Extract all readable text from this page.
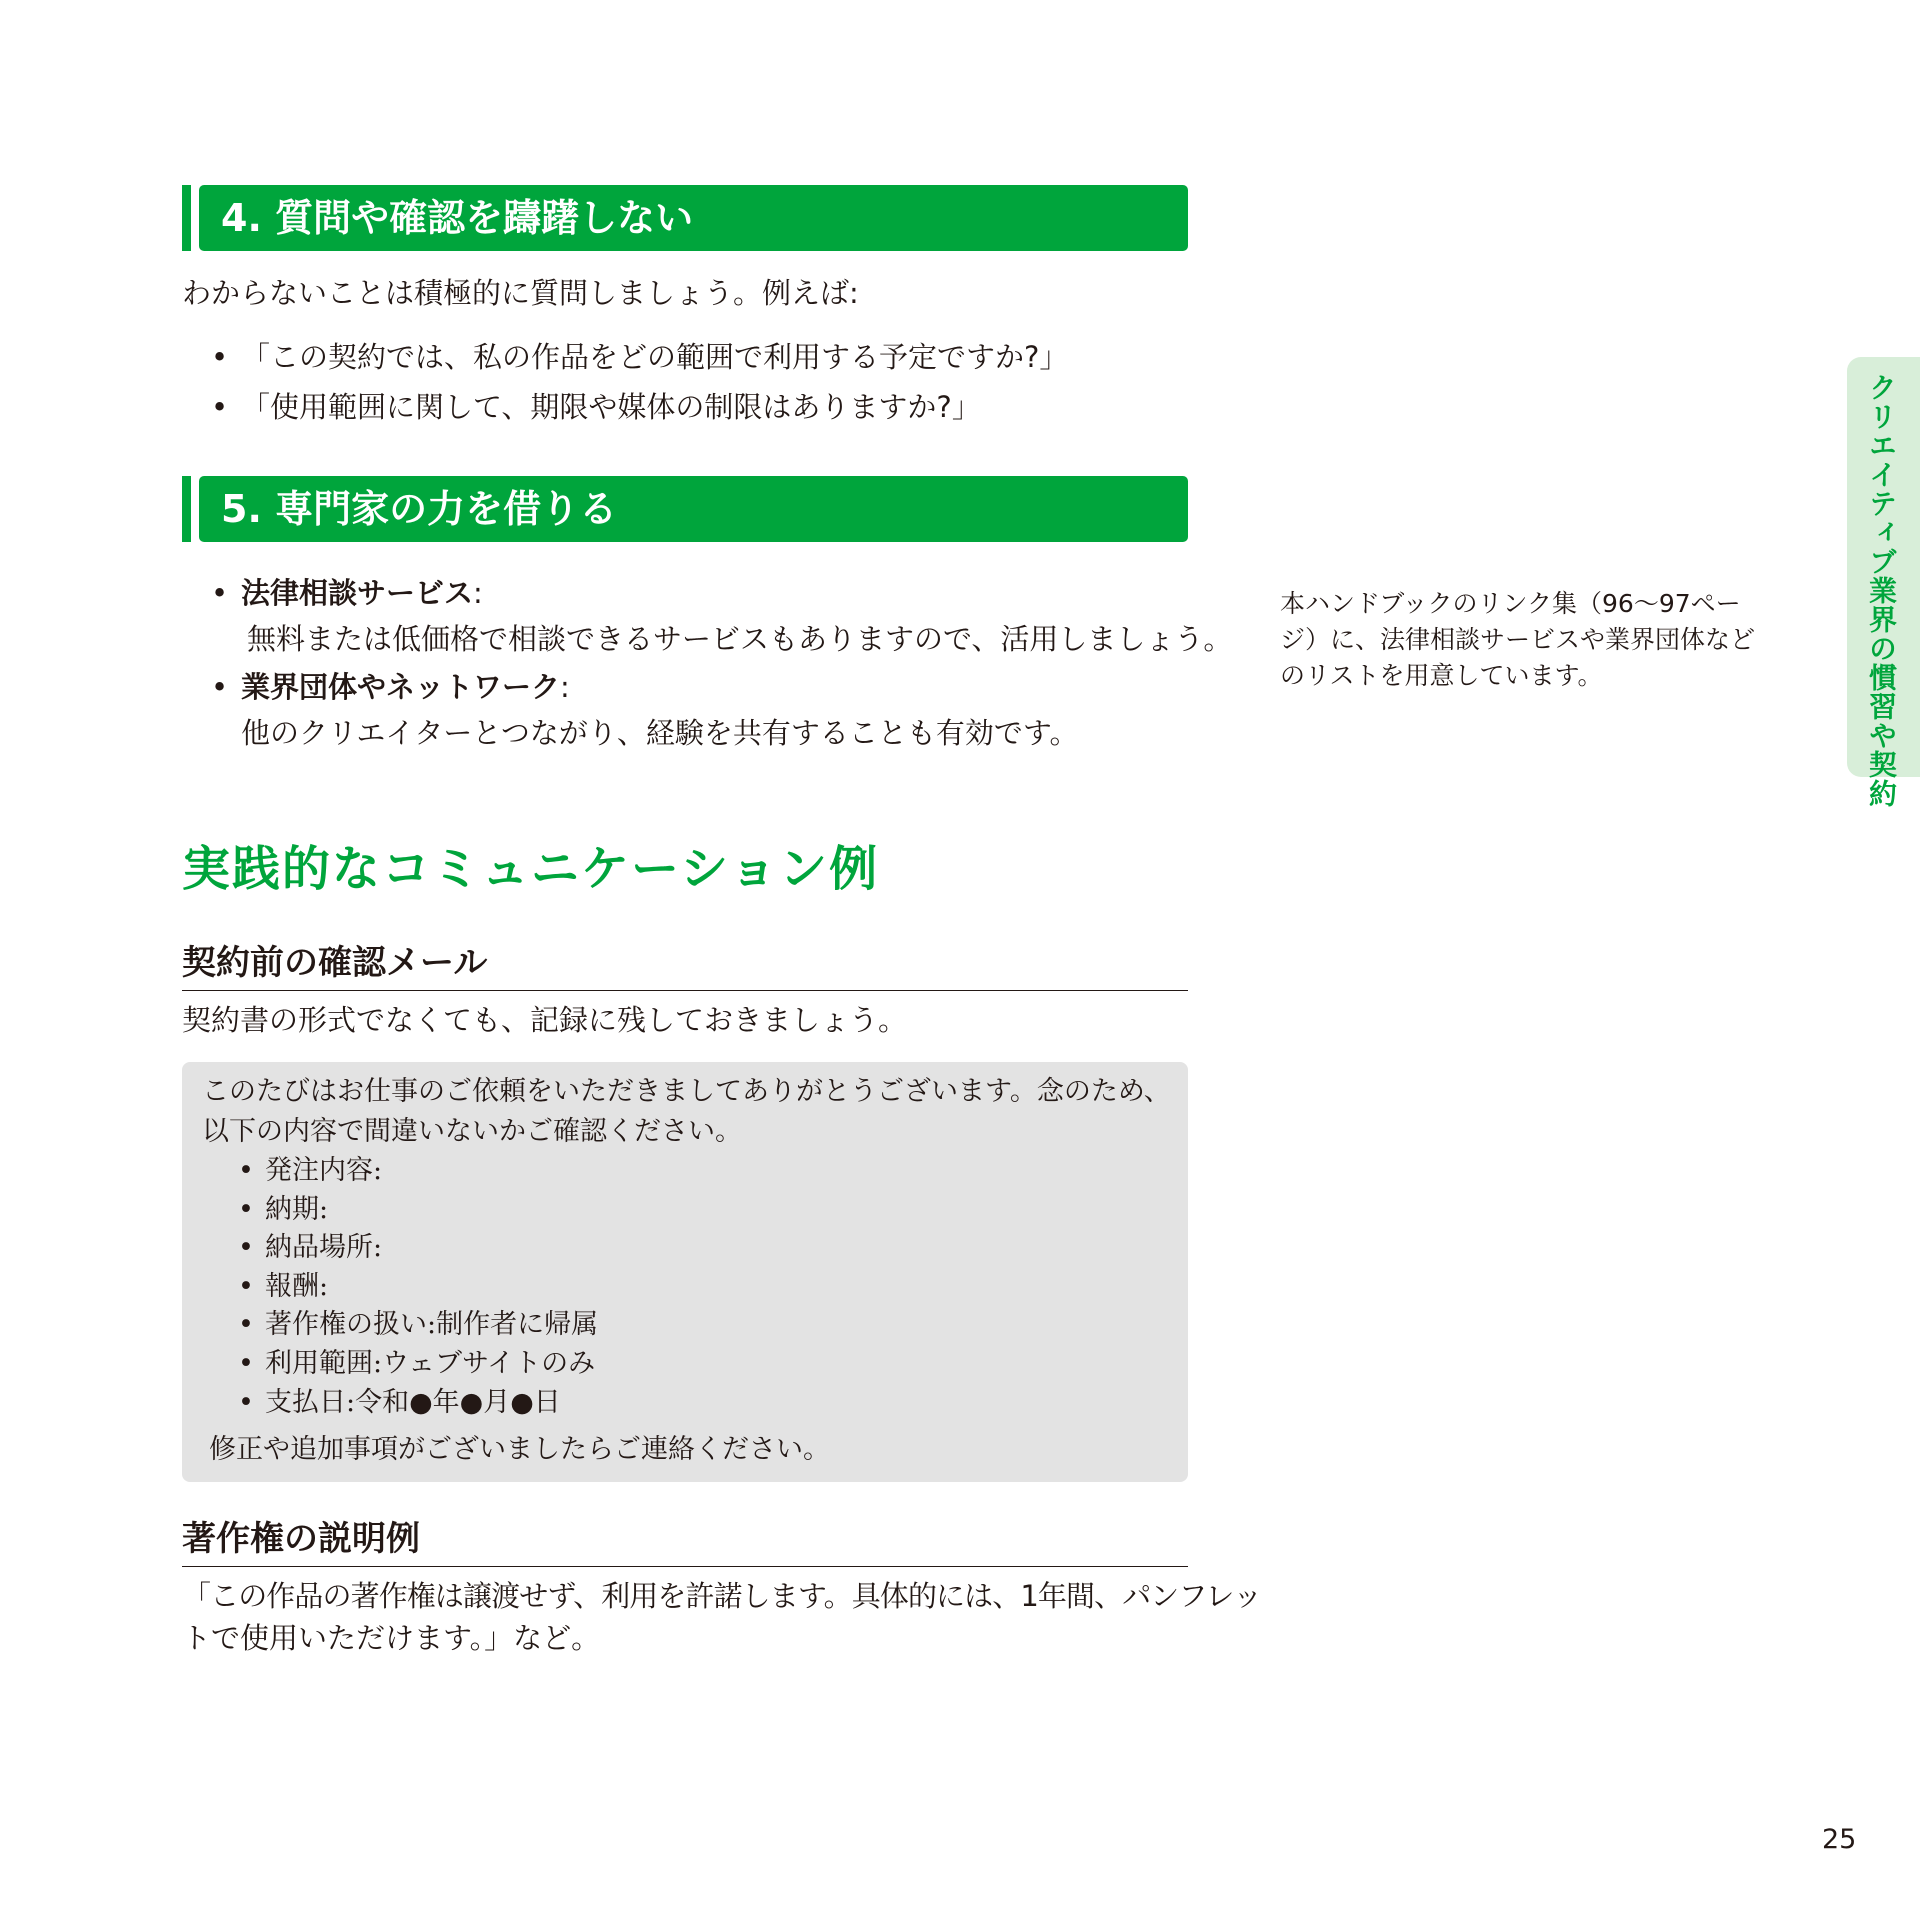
4. 質問や確認を躊躇しない
わからないことは積極的に質問しましょう。例えば:
• 「この契約では、私の作品をどの範囲で利用する予定ですか?」
• 「使用範囲に関して、期限や媒体の制限はありますか?」
5. 専門家の力を借りる
• 法律相談サービス:
無料または低価格で相談できるサービスもありますので、活用しましょう。
• 業界団体やネットワーク:
他のクリエイターとつながり、経験を共有することも有効です。
本ハンドブックのリンク集（96〜97ページ）に、法律相談サービスや業界団体などのリストを用意しています。
実践的なコミュニケーション例
契約前の確認メール
契約書の形式でなくても、記録に残しておきましょう。
このたびはお仕事のご依頼をいただきましてありがとうございます。念のため、以下の内容で間違いないかご確認ください。
• 発注内容:
• 納期:
• 納品場所:
• 報酬:
• 著作権の扱い:制作者に帰属
• 利用範囲:ウェブサイトのみ
• 支払日:令和●年●月●日
修正や追加事項がございましたらご連絡ください。
著作権の説明例
「この作品の著作権は譲渡せず、利用を許諾します。具体的には、1年間、パンフレッ
トで使用いただけます。」など。
クリエイティブ業界の慣習や契約
25
